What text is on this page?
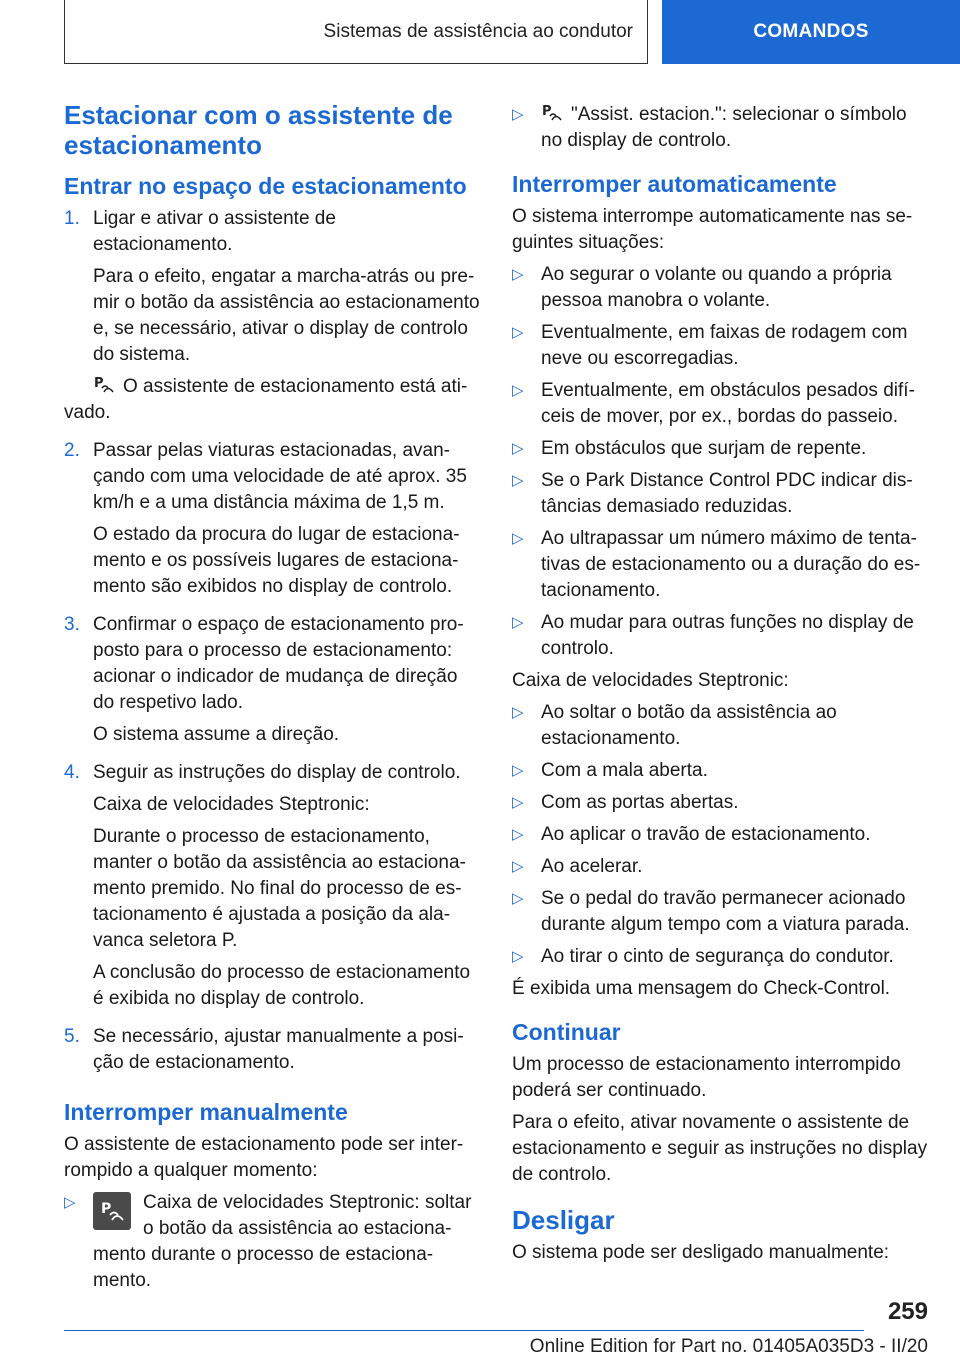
Sistemas de assistência ao condutor	COMANDOS
Estacionar com o assistente de estacionamento
Entrar no espaço de estacionamento
1. Ligar e ativar o assistente de estacionamento.

Para o efeito, engatar a marcha-atrás ou premir o botão da assistência ao estacionamento e, se necessário, ativar o display de controlo do sistema.

P O assistente de estacionamento está ativado.

2. Passar pelas viaturas estacionadas, avançando com uma velocidade de até aprox. 35 km/h e a uma distância máxima de 1,5 m.

O estado da procura do lugar de estacionamento e os possíveis lugares de estacionamento são exibidos no display de controlo.

3. Confirmar o espaço de estacionamento proposto para o processo de estacionamento: acionar o indicador de mudança de direção do respetivo lado.

O sistema assume a direção.

4. Seguir as instruções do display de controlo.

Caixa de velocidades Steptronic:

Durante o processo de estacionamento, manter o botão da assistência ao estacionamento premido. No final do processo de estacionamento é ajustada a posição da alavanca seletora P.

A conclusão do processo de estacionamento é exibida no display de controlo.

5. Se necessário, ajustar manualmente a posição de estacionamento.

Interromper manualmente

O assistente de estacionamento pode ser interrompido a qualquer momento:

▷	P Caixa de velocidades Steptronic: soltar o botão da assistência ao estacionamento durante o processo de estacionamento.
▷	P "Assist. estacion.": selecionar o símbolo no display de controlo.
Interromper automaticamente

O sistema interrompe automaticamente nas seguintes situações:

▷ Ao segurar o volante ou quando a própria pessoa manobra o volante.
▷ Eventualmente, em faixas de rodagem com neve ou escorregadias.
▷ Eventualmente, em obstáculos pesados difíceis de mover, por ex., bordas do passeio.
▷ Em obstáculos que surjam de repente.
▷ Se o Park Distance Control PDC indicar distâncias demasiado reduzidas.
▷ Ao ultrapassar um número máximo de tentativas de estacionamento ou a duração do estacionamento.
▷ Ao mudar para outras funções no display de controlo.

Caixa de velocidades Steptronic:

▷ Ao soltar o botão da assistência ao estacionamento.
▷ Com a mala aberta.
▷ Com as portas abertas.
▷ Ao aplicar o travão de estacionamento.
▷ Ao acelerar.
▷ Se o pedal do travão permanecer acionado durante algum tempo com a viatura parada.
▷ Ao tirar o cinto de segurança do condutor.

É exibida uma mensagem do Check-Control.

Continuar

Um processo de estacionamento interrompido poderá ser continuado.

Para o efeito, ativar novamente o assistente de estacionamento e seguir as instruções no display de controlo.

Desligar

O sistema pode ser desligado manualmente:

259
Online Edition for Part no. 01405A035D3 - II/20
